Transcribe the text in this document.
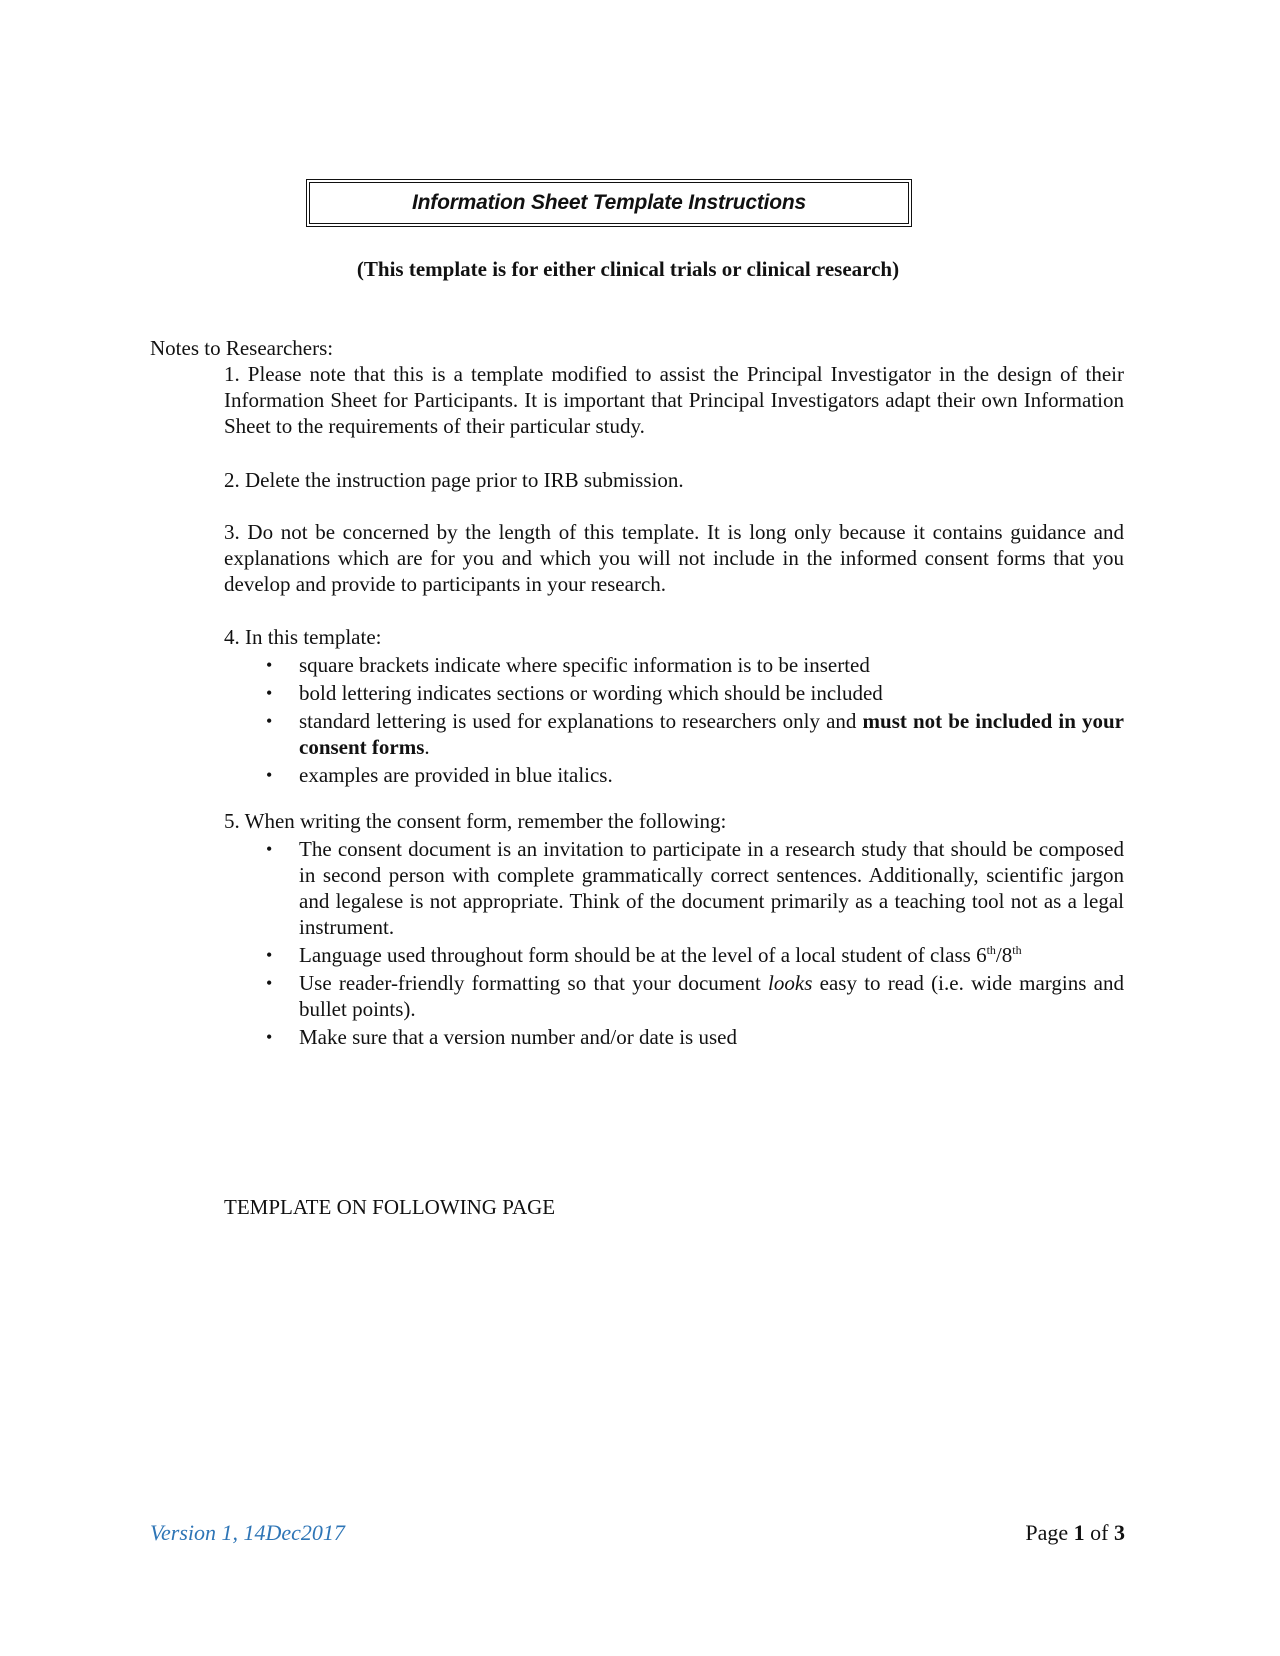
Information Sheet Template Instructions
(This template is for either clinical trials or clinical research)
Notes to Researchers:

1. Please note that this is a template modified to assist the Principal Investigator in the design of their Information Sheet for Participants. It is important that Principal Investigators adapt their own Information Sheet to the requirements of their particular study.

2. Delete the instruction page prior to IRB submission.

3. Do not be concerned by the length of this template. It is long only because it contains guidance and explanations which are for you and which you will not include in the informed consent forms that you develop and provide to participants in your research.

4. In this template:

• square brackets indicate where specific information is to be inserted
• bold lettering indicates sections or wording which should be included
• standard lettering is used for explanations to researchers only and must not be included in your consent forms.
• examples are provided in blue italics.

5. When writing the consent form, remember the following:

• The consent document is an invitation to participate in a research study that should be composed in second person with complete grammatically correct sentences. Additionally, scientific jargon and legalese is not appropriate. Think of the document primarily as a teaching tool not as a legal instrument.
• Language used throughout form should be at the level of a local student of class 6th/8th
• Use reader-friendly formatting so that your document looks easy to read (i.e. wide margins and bullet points).
• Make sure that a version number and/or date is used

TEMPLATE ON FOLLOWING PAGE

Version 1, 14Dec2017	Page 1 of 3
